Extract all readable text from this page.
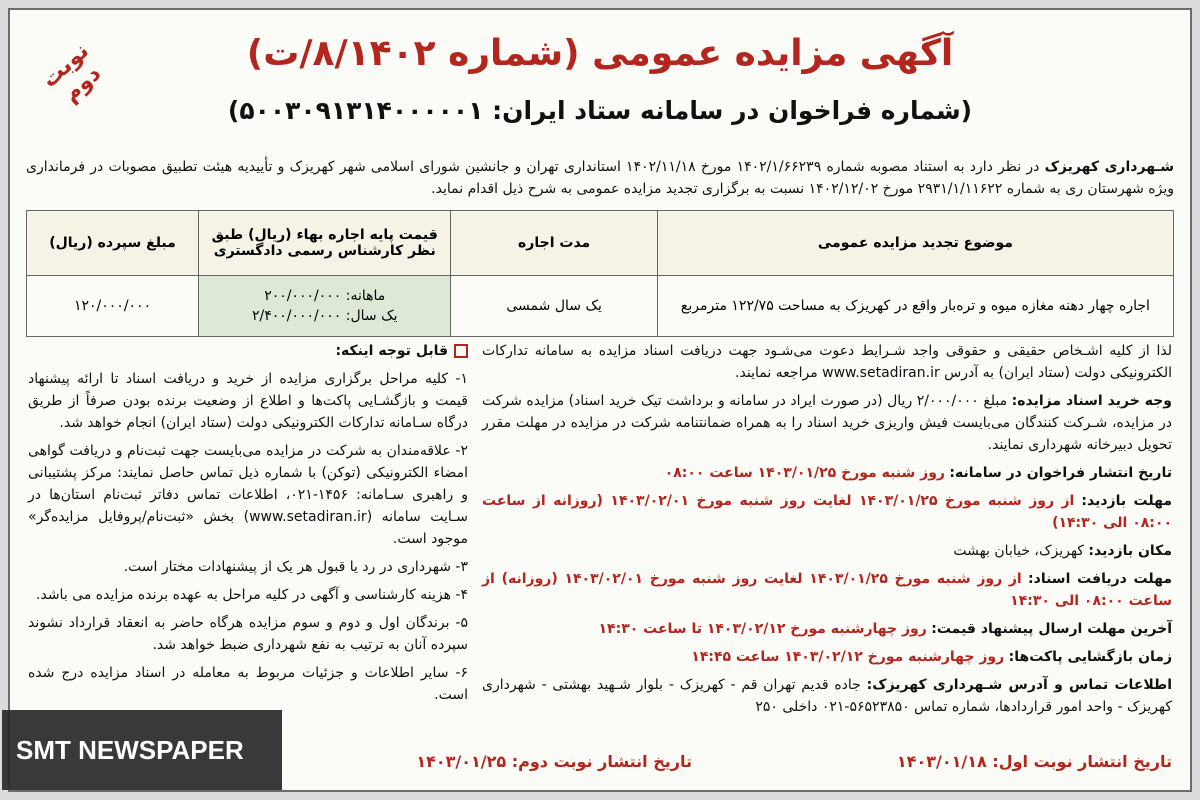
نوبت دوم
آگهی مزایده عمومی (شماره ۸/۱۴۰۲/ت)
(شماره فراخوان در سامانه ستاد ایران: ۵۰۰۳۰۹۱۳۱۴۰۰۰۰۰۱)
شـهرداری کهریزک در نظر دارد به استناد مصوبه شماره ۱۴۰۲/۱/۶۶۲۳۹ مورخ ۱۴۰۲/۱۱/۱۸ استانداری تهران و جانشین شورای اسلامی شهر کهریزک و تأییدیه هیئت تطبیق مصوبات در فرمانداری ویژه شهرستان ری به شماره ۲۹۳۱/۱/۱۱۶۲۲ مورخ ۱۴۰۲/۱۲/۰۲ نسبت به برگزاری تجدید مزایده عمومی به شرح ذیل اقدام نماید.
موضوع تجدید مزایده عمومی	مدت اجاره	قیمت پایه اجاره بهاء (ریال) طبق نظر کارشناس رسمی دادگستری	مبلغ سپرده (ریال)
اجاره چهار دهنه مغازه میوه و تره‌بار واقع در کهریزک به مساحت ۱۲۲/۷۵ مترمربع	یک سال شمسی	ماهانه: ۲۰۰/۰۰۰/۰۰۰
یک سال: ۲/۴۰۰/۰۰۰/۰۰۰	۱۲۰/۰۰۰/۰۰۰

لذا از کلیه اشـخاص حقیقی و حقوقی واجد شـرایط دعوت می‌شـود جهت دریافت اسناد مزایده به سامانه تدارکات الکترونیکی دولت (ستاد ایران) به آدرس www.setadiran.ir مراجعه نمایند.

وجه خرید اسناد مزایده: مبلغ ۲/۰۰۰/۰۰۰ ریال (در صورت ایراد در سامانه و برداشت تیک خرید اسناد) مزایده شرکت در مزایده، شـرکت کنندگان می‌بایست فیش واریزی خرید اسناد را به همراه ضمانتنامه شرکت در مزایده در مهلت مقرر تحویل دبیرخانه شهرداری نمایند.

تاریخ انتشار فراخوان در سامانه: روز شنبه مورخ ۱۴۰۳/۰۱/۲۵ ساعت ۰۸:۰۰

مهلت بازدید: از روز شنبه مورخ ۱۴۰۳/۰۱/۲۵ لغایت روز شنبه مورخ ۱۴۰۳/۰۲/۰۱ (روزانه از ساعت ۰۸:۰۰ الی ۱۴:۳۰)

مکان بازدید: کهریزک، خیابان بهشت

مهلت دریافت اسناد: از روز شنبه مورخ ۱۴۰۳/۰۱/۲۵ لغایت روز شنبه مورخ ۱۴۰۳/۰۲/۰۱ (روزانه) از ساعت ۰۸:۰۰ الی ۱۴:۳۰

آخرین مهلت ارسال پیشنهاد قیمت: روز چهارشنبه مورخ ۱۴۰۳/۰۲/۱۲ تا ساعت ۱۴:۳۰

زمان بازگشایی پاکت‌ها: روز چهارشنبه مورخ ۱۴۰۳/۰۲/۱۲ ساعت ۱۴:۴۵

اطلاعات تماس و آدرس شـهرداری کهریزک: جاده قدیم تهران قم - کهریزک - بلوار شـهید بهشتی - شهرداری کهریزک - واحد امور قراردادها، شماره تماس ۵۶۵۲۳۸۵۰-۰۲۱ داخلی ۲۵۰

قابل توجه اینکه:

۱- کلیه مراحل برگزاری مزایده از خرید و دریافت اسناد تا ارائه پیشنهاد قیمت و بازگشـایی پاکت‌ها و اطلاع از وضعیت برنده بودن صرفاً از طریق درگاه سـامانه تدارکات الکترونیکی دولت (ستاد ایران) انجام خواهد شد.

۲- علاقه‌مندان به شرکت در مزایده می‌بایست جهت ثبت‌نام و دریافت گواهی امضاء الکترونیکی (توکن) با شماره ذیل تماس حاصل نمایند: مرکز پشتیبانی و راهبری سـامانه: ۱۴۵۶-۰۲۱، اطلاعات تماس دفاتر ثبت‌نام استان‌ها در سـایت سامانه (www.setadiran.ir) بخش «ثبت‌نام/پروفایل مزایده‌گر» موجود است.

۳- شهرداری در رد یا قبول هر یک از پیشنهادات مختار است.

۴- هزینه کارشناسی و آگهی در کلیه مراحل به عهده برنده مزایده می باشد.

۵- برندگان اول و دوم و سوم مزایده هرگاه حاضر به انعقاد قرارداد نشوند سپرده آنان به ترتیب به نفع شهرداری ضبط خواهد شد.

۶- سایر اطلاعات و جزئیات مربوط به معامله در اسناد مزایده درج شده است.

تاریخ انتشار نوبت اول: ۱۴۰۳/۰۱/۱۸
تاریخ انتشار نوبت دوم: ۱۴۰۳/۰۱/۲۵
SMT NEWSPAPER
